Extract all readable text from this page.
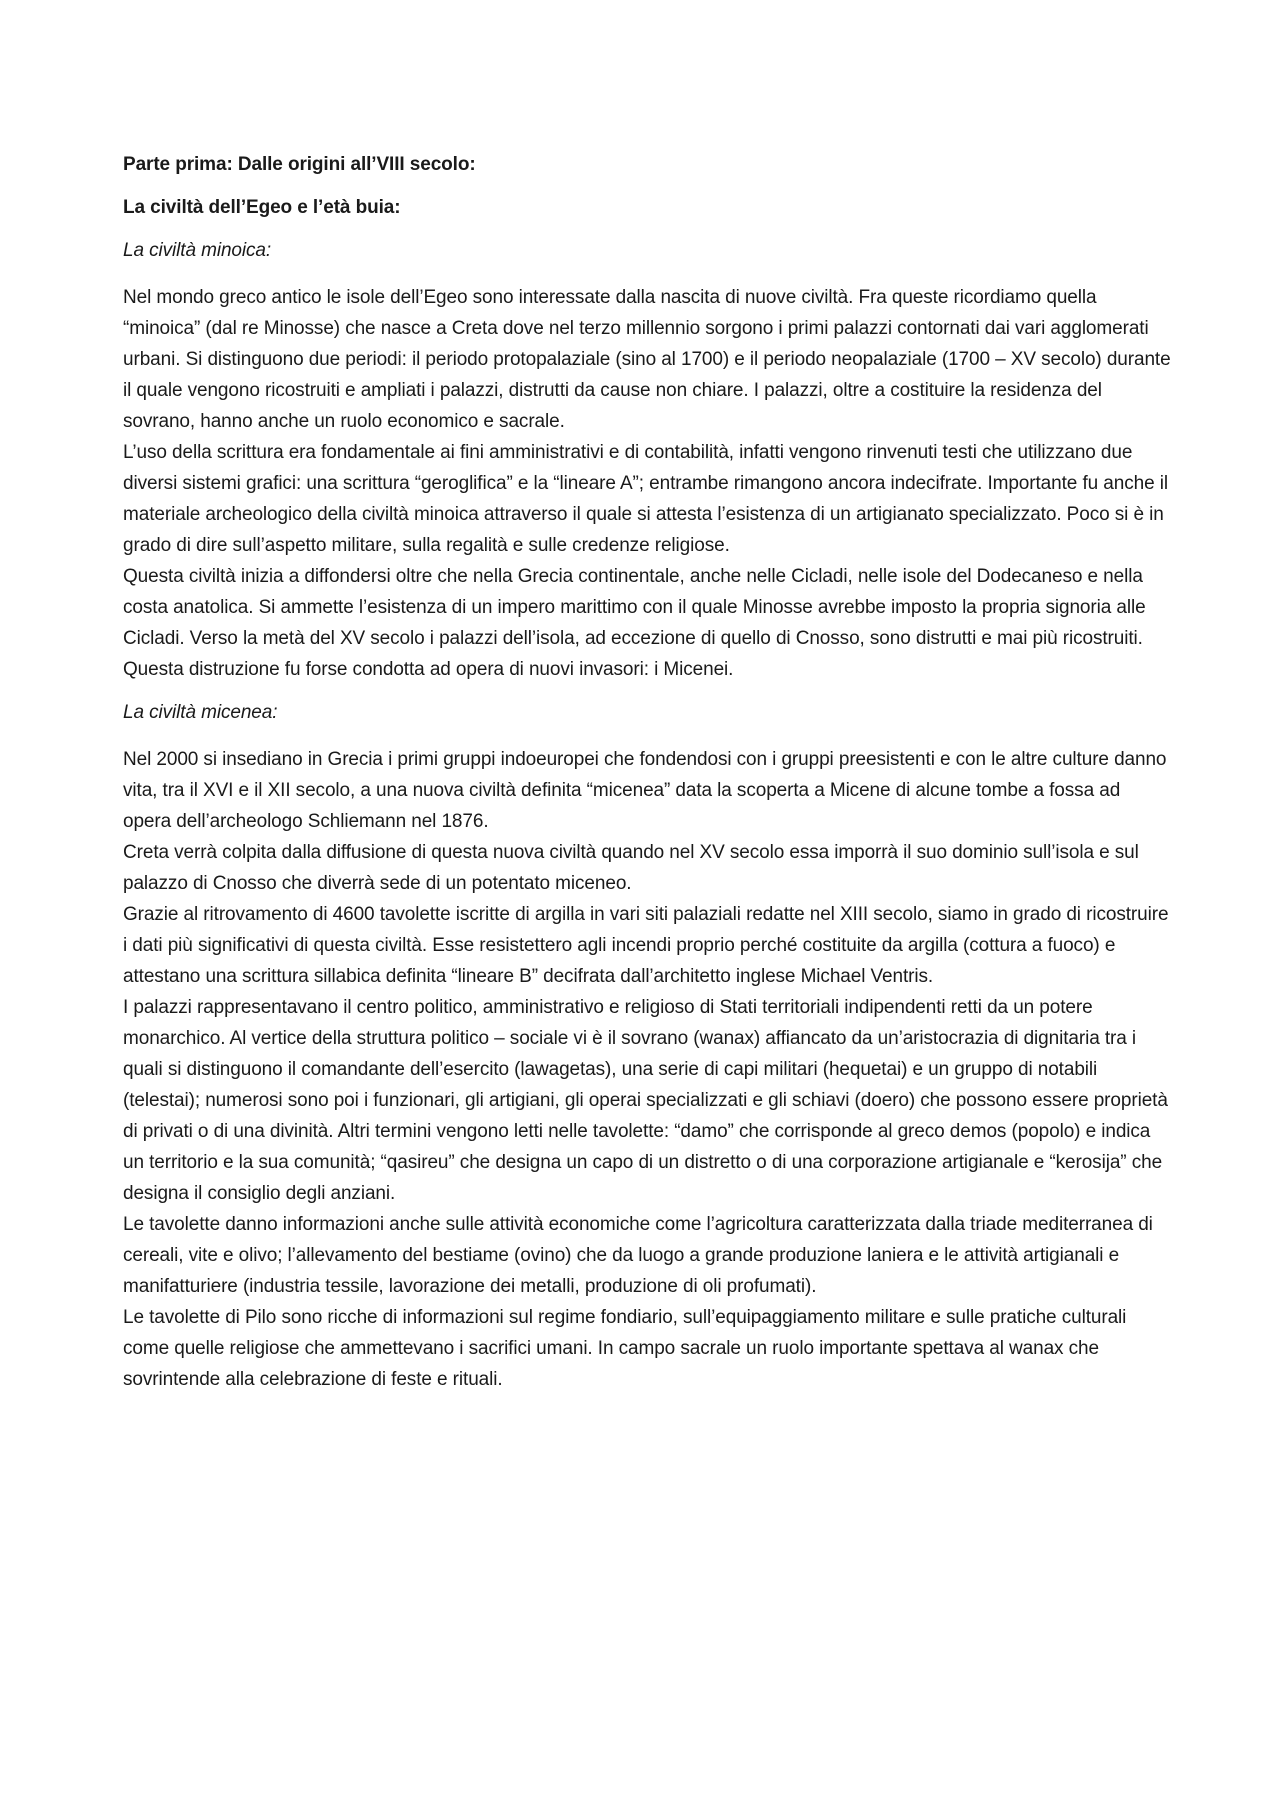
Parte prima: Dalle origini all’VIII secolo:

La civiltà dell’Egeo e l’età buia:

La civiltà minoica:

Nel mondo greco antico le isole dell’Egeo sono interessate dalla nascita di nuove civiltà. Fra queste ricordiamo quella “minoica” (dal re Minosse) che nasce a Creta dove nel terzo millennio sorgono i primi palazzi contornati dai vari agglomerati urbani. Si distinguono due periodi: il periodo protopalaziale (sino al 1700) e il periodo neopalaziale (1700 – XV secolo) durante il quale vengono ricostruiti e ampliati i palazzi, distrutti da cause non chiare. I palazzi, oltre a costituire la residenza del sovrano, hanno anche un ruolo economico e sacrale.

L’uso della scrittura era fondamentale ai fini amministrativi e di contabilità, infatti vengono rinvenuti testi che utilizzano due diversi sistemi grafici: una scrittura “geroglifica” e la “lineare A”; entrambe rimangono ancora indecifrate. Importante fu anche il materiale archeologico della civiltà minoica attraverso il quale si attesta l’esistenza di un artigianato specializzato. Poco si è in grado di dire sull’aspetto militare, sulla regalità e sulle credenze religiose.

Questa civiltà inizia a diffondersi oltre che nella Grecia continentale, anche nelle Cicladi, nelle isole del Dodecaneso e nella costa anatolica. Si ammette l’esistenza di un impero marittimo con il quale Minosse avrebbe imposto la propria signoria alle Cicladi. Verso la metà del XV secolo i palazzi dell’isola, ad eccezione di quello di Cnosso, sono distrutti e mai più ricostruiti. Questa distruzione fu forse condotta ad opera di nuovi invasori: i Micenei.

La civiltà micenea:

Nel 2000 si insediano in Grecia i primi gruppi indoeuropei che fondendosi con i gruppi preesistenti e con le altre culture danno vita, tra il XVI e il XII secolo, a una nuova civiltà definita “micenea” data la scoperta a Micene di alcune tombe a fossa ad opera dell’archeologo Schliemann nel 1876.

Creta verrà colpita dalla diffusione di questa nuova civiltà quando nel XV secolo essa imporrà il suo dominio sull’isola e sul palazzo di Cnosso che diverrà sede di un potentato miceneo.

Grazie al ritrovamento di 4600 tavolette iscritte di argilla in vari siti palaziali redatte nel XIII secolo, siamo in grado di ricostruire i dati più significativi di questa civiltà. Esse resistettero agli incendi proprio perché costituite da argilla (cottura a fuoco) e attestano una scrittura sillabica definita “lineare B” decifrata dall’architetto inglese Michael Ventris.

I palazzi rappresentavano il centro politico, amministrativo e religioso di Stati territoriali indipendenti retti da un potere monarchico. Al vertice della struttura politico – sociale vi è il sovrano (wanax) affiancato da un’aristocrazia di dignitaria tra i quali si distinguono il comandante dell’esercito (lawagetas), una serie di capi militari (hequetai) e un gruppo di notabili (telestai); numerosi sono poi i funzionari, gli artigiani, gli operai specializzati e gli schiavi (doero) che possono essere proprietà di privati o di una divinità. Altri termini vengono letti nelle tavolette: “damo” che corrisponde al greco demos (popolo) e indica un territorio e la sua comunità; “qasireu” che designa un capo di un distretto o di una corporazione artigianale e “kerosija” che designa il consiglio degli anziani.

Le tavolette danno informazioni anche sulle attività economiche come l’agricoltura caratterizzata dalla triade mediterranea di cereali, vite e olivo; l’allevamento del bestiame (ovino) che da luogo a grande produzione laniera e le attività artigianali e manifatturiere (industria tessile, lavorazione dei metalli, produzione di oli profumati).

Le tavolette di Pilo sono ricche di informazioni sul regime fondiario, sull’equipaggiamento militare e sulle pratiche culturali come quelle religiose che ammettevano i sacrifici umani. In campo sacrale un ruolo importante spettava al wanax che sovrintende alla celebrazione di feste e rituali.
